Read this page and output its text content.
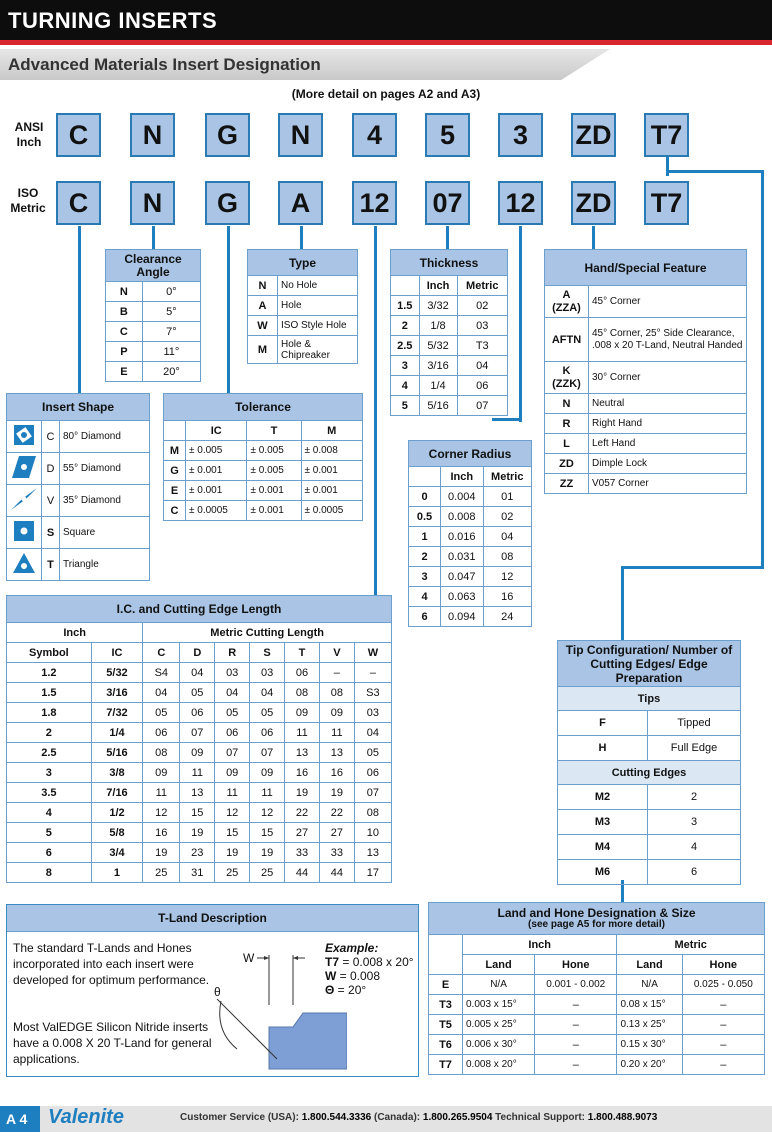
TURNING INSERTS
Advanced Materials Insert Designation
(More detail on pages A2 and A3)
ANSI
Inch
ISO
Metric
C	N	G	N	4	5	3	ZD T7
C	N	G	A	12 07 12 ZD T7
Clearance Angle	
N	0°
B	5°
C	7°
P	11°
E	20°
Type	
N	No Hole
A	Hole
W	ISO Style Hole
M	Hole & Chipreaker
Thickness		
	Inch	Metric
1.5	3/32	02
2	1/8	03
2.5	5/32	T3
3	3/16	04
4	1/4	06
5	5/16	07
Hand/Special Feature	
A (ZZA)	45° Corner
AFTN	45° Corner, 25° Side Clearance, .008 x 20 T-Land, Neutral Handed
K (ZZK)	30° Corner
N	Neutral
R	Right Hand
L	Left Hand
ZD	Dimple Lock
ZZ	V057 Corner
Insert Shape		
	C	80° Diamond
	D	55° Diamond
	V	35° Diamond
	S	Square
	T	Triangle
Tolerance			
	IC	T	M
M	± 0.005	± 0.005	± 0.008
G	± 0.001	± 0.005	± 0.001
E	± 0.001	± 0.001	± 0.001
C	± 0.0005	± 0.001	± 0.0005
Corner Radius		
	Inch	Metric
0	0.004	01
0.5	0.008	02
1	0.016	04
2	0.031	08
3	0.047	12
4	0.063	16
6	0.094	24
I.C. and Cutting Edge Length								
Inch		Metric Cutting Length						
Symbol	IC	C	D	R	S	T	V	W
1.2	5/32	S4	04	03	03	06	–	–
1.5	3/16	04	05	04	04	08	08	S3
1.8	7/32	05	06	05	05	09	09	03
2	1/4	06	07	06	06	11	11	04
2.5	5/16	08	09	07	07	13	13	05
3	3/8	09	11	09	09	16	16	06
3.5	7/16	11	13	11	11	19	19	07
4	1/2	12	15	12	12	22	22	08
5	5/8	16	19	15	15	27	27	10
6	3/4	19	23	19	19	33	33	13
8	1	25	31	25	25	44	44	17
Tip Configuration/ Number of Cutting Edges/ Edge Preparation	
Tips	
F	Tipped
H	Full Edge
Cutting Edges	
M2	2
M3	3
M4	4
M6	6
T-Land Description
The standard T-Lands and Hones incorporated into each insert were developed for optimum performance.
Most ValEDGE Silicon Nitride inserts have a 0.008 X 20 T-Land for general applications.
W
θ
Example:
T7 = 0.008 x 20°
W = 0.008
Θ = 20°
Land and Hone Designation & Size
(see page A5 for more detail)				

	Inch		Metric	
	Land	Hone	Land	Hone
E	N/A	0.001 - 0.002	N/A	0.025 - 0.050
T3	0.003 x 15°	–	0.08 x 15°	–
T5	0.005 x 25°	–	0.13 x 25°	–
T6	0.006 x 30°	–	0.15 x 30°	–
T7	0.008 x 20°	–	0.20 x 20°	–
A 4 Valenite	Customer Service (USA): 1.800.544.3336 (Canada): 1.800.265.9504 Technical Support: 1.800.488.9073
